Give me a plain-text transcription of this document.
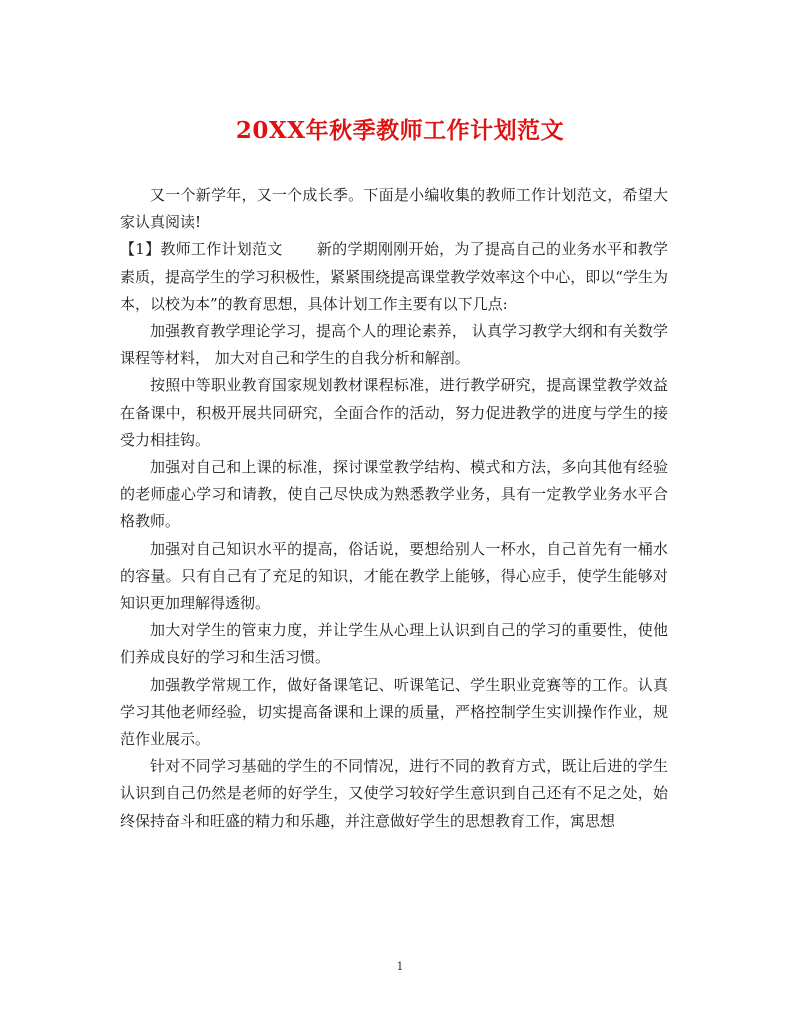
20XX年秋季教师工作计划范文

又一个新学年，又一个成长季。下面是小编收集的教师工作计划范文，希望大家认真阅读!

【1】教师工作计划范文 新的学期刚刚开始，为了提高自己的业务水平和教学素质，提高学生的学习积极性，紧紧围绕提高课堂教学效率这个中心，即以“学生为本，以校为本”的教育思想，具体计划工作主要有以下几点:

加强教育教学理论学习，提高个人的理论素养， 认真学习教学大纲和有关数学课程等材料， 加大对自己和学生的自我分析和解剖。

按照中等职业教育国家规划教材课程标准，进行教学研究，提高课堂教学效益在备课中，积极开展共同研究，全面合作的活动，努力促进教学的进度与学生的接受力相挂钩。

加强对自己和上课的标准，探讨课堂教学结构、模式和方法，多向其他有经验的老师虚心学习和请教，使自己尽快成为熟悉教学业务，具有一定教学业务水平合格教师。

加强对自己知识水平的提高，俗话说，要想给别人一杯水，自己首先有一桶水的容量。只有自己有了充足的知识，才能在教学上能够，得心应手，使学生能够对知识更加理解得透彻。

加大对学生的管束力度，并让学生从心理上认识到自己的学习的重要性，使他们养成良好的学习和生活习惯。

加强教学常规工作，做好备课笔记、听课笔记、学生职业竞赛等的工作。认真学习其他老师经验，切实提高备课和上课的质量，严格控制学生实训操作作业，规范作业展示。

针对不同学习基础的学生的不同情况，进行不同的教育方式，既让后进的学生认识到自己仍然是老师的好学生，又使学习较好学生意识到自己还有不足之处，始终保持奋斗和旺盛的精力和乐趣，并注意做好学生的思想教育工作，寓思想

1
